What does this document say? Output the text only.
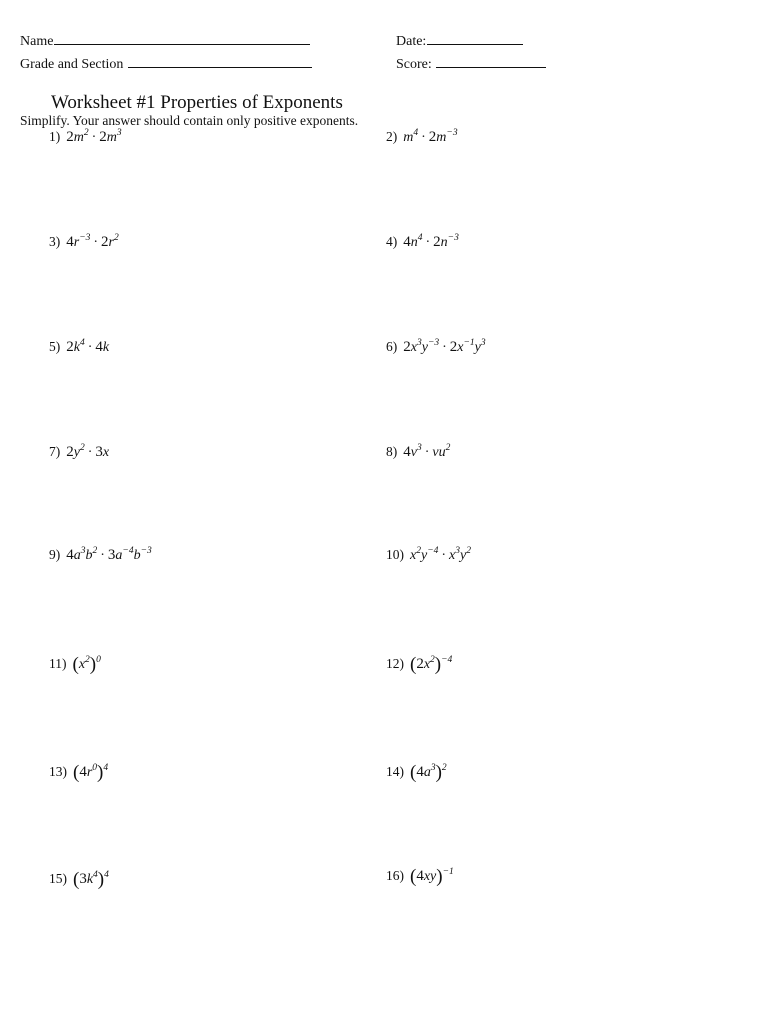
Name	Date:
Grade and Section	Score:
Worksheet #1 Properties of Exponents
Simplify. Your answer should contain only positive exponents.
1) $2m^2 \cdot 2m^3$
3) $4r^{-3} \cdot 2r^2$
5) $2k^4 \cdot 4k$
7) $2y^2 \cdot 3x$
9) $4a^3b^2 \cdot 3a^{-4}b^{-3}$
11) $(x^2)^0$
13) $(4r^0)^4$
15) $(3k^4)^4$
2) $m^4 \cdot 2m^{-3}$
4) $4n^4 \cdot 2n^{-3}$
6) $2x^3y^{-3} \cdot 2x^{-1}y^3$
8) $4v^3 \cdot vu^2$
10) $x^2y^{-4} \cdot x^3y^2$
12) $(2x^2)^{-4}$
14) $(4a^3)^2$
16) $(4xy)^{-1}$
